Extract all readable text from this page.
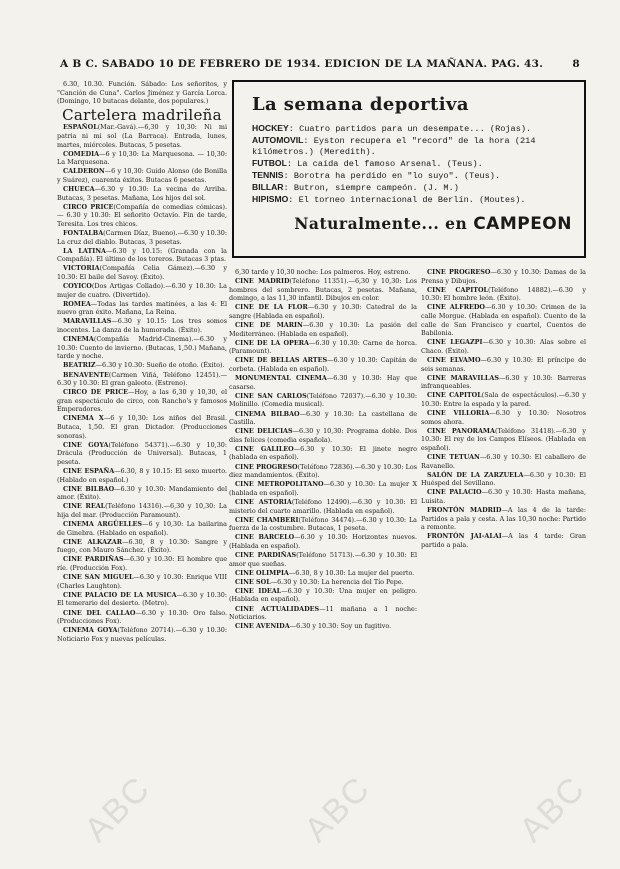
A B C. SABADO 10 DE FEBRERO DE 1934. EDICION DE LA MAÑANA. PAG. 43.	8

6.30, 10.30. Función. Sábado: Los señoritos, y "Canción de Cuna". Carlos Jiménez y García Lorca. (Domingo, 10 butacas delante, dos populares.)

Cartelera madrileña

ESPAÑOL(Mar.-Gavá).—6,30 y 10,30: Ni mi patria ni mi sol (La Barraca). Entrada, lunes, martes, miércoles. Butacas, 5 pesetas.

COMEDIA—6 y 10,30: La Marquesona. — 10,30: La Marquesona.

CALDERON—6 y 10,30: Guido Alonso (de Bonilla y Suárez), cuarenta éxitos. Butacas 6 pesetas.

CHUECA—6.30 y 10.30: La vecina de Arriba. Butacas, 3 pesetas. Mañana, Los hijos del sol.

CIRCO PRICE(Compañía de comedias cómicas). — 6.30 y 10.30: El señorito Octavio. Fin de tarde, Teresita. Los tres chicos.

FONTALBA(Carmen Díaz, Bueno).—6.30 y 10.30: La cruz del diablo. Butacas, 3 pesetas.

LA LATINA—6.30 y 10.15: (Granada con la Compañía). El último de los toreros. Butacas 3 ptas.

VICTORIA(Compañía Celia Gámez).—6.30 y 10.30: El baile del Savoy. (Éxito).

COYICO(Dos Artigas Collado).—6.30 y 10.30: La mujer de cuatro. (Divertido).

ROMEA—Todas las tardes matinées, a las 4: El nuevo gran éxito. Mañana, La Reina.

MARAVILLAS—6.30 y 10.15: Los tres somos inocentes. La danza de la humorada. (Éxito).

CINEMA(Compañía Madrid-Cinema).—6.30 y 10.30: Cuento de invierno. (Butacas, 1,50.) Mañana, tarde y noche.

BEATRIZ—6.30 y 10.30: Sueño de otoño. (Éxito).

BENAVENTE(Carmen Viñá, Teléfono 12451).—6.30 y 10.30: El gran galeoto. (Estreno).

CIRCO DE PRICE—Hoy, a las 6,30 y 10,30, el gran espectáculo de circo, con Rancho's y famosos Emperadores.

CINEMA X—6 y 10,30: Los niños del Brasil. Butaca, 1,50. El gran Dictador. (Producciones sonoras).

CINE GOYA(Teléfono 54371).—6.30 y 10,30: Drácula (Producción de Universal). Butacas, 1 peseta.

CINE ESPAÑA—6.30, 8 y 10.15: El sexo muerto. (Hablado en español.)

CINE BILBAO—6.30 y 10.30: Mandamiento del amor. (Éxito).

CINE REAL(Teléfono 14316).—6,30 y 10,30: La hija del mar. (Producción Paramount).

CINEMA ARGÜELLES—6 y 10,30: La bailarina de Ginebra. (Hablado en español).

CINE ALKAZAR—6.30, 8 y 10.30: Sangre y fuego, con Mauro Sánchez. (Éxito).

CINE PARDIÑAS—6.30 y 10.30: El hombre que ríe. (Producción Fox).

CINE SAN MIGUEL—6.30 y 10.30: Enrique VIII (Charles Laughton).

CINE PALACIO DE LA MUSICA—6.30 y 10.30: El temerario del desierto. (Metro).

CINE DEL CALLAO—6.30 y 10.30: Oro falso. (Producciones Fox).

CINEMA GOYA(Teléfono 20714).—6.30 y 10.30: Noticiario Fox y nuevas películas.

La semana deportiva

HOCKEY: Cuatro partidos para un desempate... (Rojas).

AUTOMOVIL: Eyston recupera el "record" de la hora (214 kilómetros.) (Meredith).

FUTBOL: La caída del famoso Arsenal. (Teus).

TENNIS: Borotra ha perdido en "lo suyo". (Teus).

BILLAR: Butron, siempre campeón. (J. M.)

HIPISMO: El torneo internacional de Berlín. (Moutes).

Naturalmente... en CAMPEON

6,30 tarde y 10,30 noche: Los palmeros. Hoy, estreno.

CINE MADRID(Teléfono 11351).—6,30 y 10,30: Los hombres del sombrero. Butacas, 2 pesetas. Mañana, domingo, a las 11,30 infantil. Dibujos en color.

CINE DE LA FLOR—6.30 y 10.30: Catedral de la sangre (Hablada en español).

CINE DE MARIN—6.30 y 10.30: La pasión del Mediterráneo. (Hablada en español).

CINE DE LA OPERA—6.30 y 10.30: Carne de horca. (Paramount).

CINE DE BELLAS ARTES—6.30 y 10.30: Capitán de corbeta. (Hablada en español).

MONUMENTAL CINEMA—6.30 y 10.30: Hay que casarse.

CINE SAN CARLOS(Teléfono 72037).—6.30 y 10.30: Molinillo. (Comedia musical).

CINEMA BILBAO—6.30 y 10.30: La castellana de Castilla.

CINE DELICIAS—6.30 y 10,30: Programa doble. Dos días felices (comedia española).

CINE GALILEO—6.30 y 10.30: El jinete negro (hablada en español).

CINE PROGRESO(Teléfono 72836).—6.30 y 10.30: Los diez mandamientos. (Éxito).

CINE METROPOLITANO—6.30 y 10.30: La mujer X (hablada en español).

CINE ASTORIA(Teléfono 12490).—6.30 y 10.30: El misterio del cuarto amarillo. (Hablada en español).

CINE CHAMBERI(Teléfono 34474).—6.30 y 10.30: La fuerza de la costumbre. Butacas, 1 peseta.

CINE BARCELO—6.30 y 10.30: Horizontes nuevos. (Hablada en español).

CINE PARDIÑAS(Teléfono 51713).—6.30 y 10.30: El amor que sueñas.

CINE OLIMPIA—6.30, 8 y 10.30: La mujer del puerto.

CINE SOL—6.30 y 10.30: La herencia del Tío Pepe.

CINE IDEAL—6.30 y 10.30: Una mujer en peligro. (Hablada en español).

CINE ACTUALIDADES—11 mañana a 1 noche: Noticiarios.

CINE AVENIDA—6.30 y 10.30: Soy un fugitivo.

CINE PROGRESO—6.30 y 10.30: Damas de la Prensa y Dibujos.

CINE CAPITOL(Teléfono 14882).—6.30 y 10.30: El hombre león. (Éxito).

CINE ALFREDO—6.30 y 10.30: Crimen de la calle Morgue. (Hablada en español). Cuento de la calle de San Francisco y cuartel, Cuentos de Babilonia.

CINE LEGAZPI—6.30 y 10.30: Alas sobre el Chaco. (Éxito).

CINE ELVAMO—6.30 y 10.30: El príncipe de seis semanas.

CINE MARAVILLAS—6.30 y 10.30: Barreras infranqueables.

CINE CAPITOL(Sala de espectáculos).—6.30 y 10.30: Entre la espada y la pared.

CINE VILLORIA—6.30 y 10.30: Nosotros somos ahora.

CINE PANORAMA(Teléfono 31418).—6.30 y 10.30: El rey de los Campos Elíseos. (Hablada en español).

CINE TETUAN—6.30 y 10.30: El caballero de Ravanello.

SALÓN DE LA ZARZUELA—6.30 y 10.30: El Huésped del Sevillano.

CINE PALACIO—6.30 y 10.30: Hasta mañana, Luisita.

FRONTÓN MADRID—A las 4 de la tarde: Partidos a pala y cesta. A las 10,30 noche: Partido a remonte.

FRONTÓN JAI-ALAI—A las 4 tarde: Gran partido a pala.

ABC	ABC	ABC
